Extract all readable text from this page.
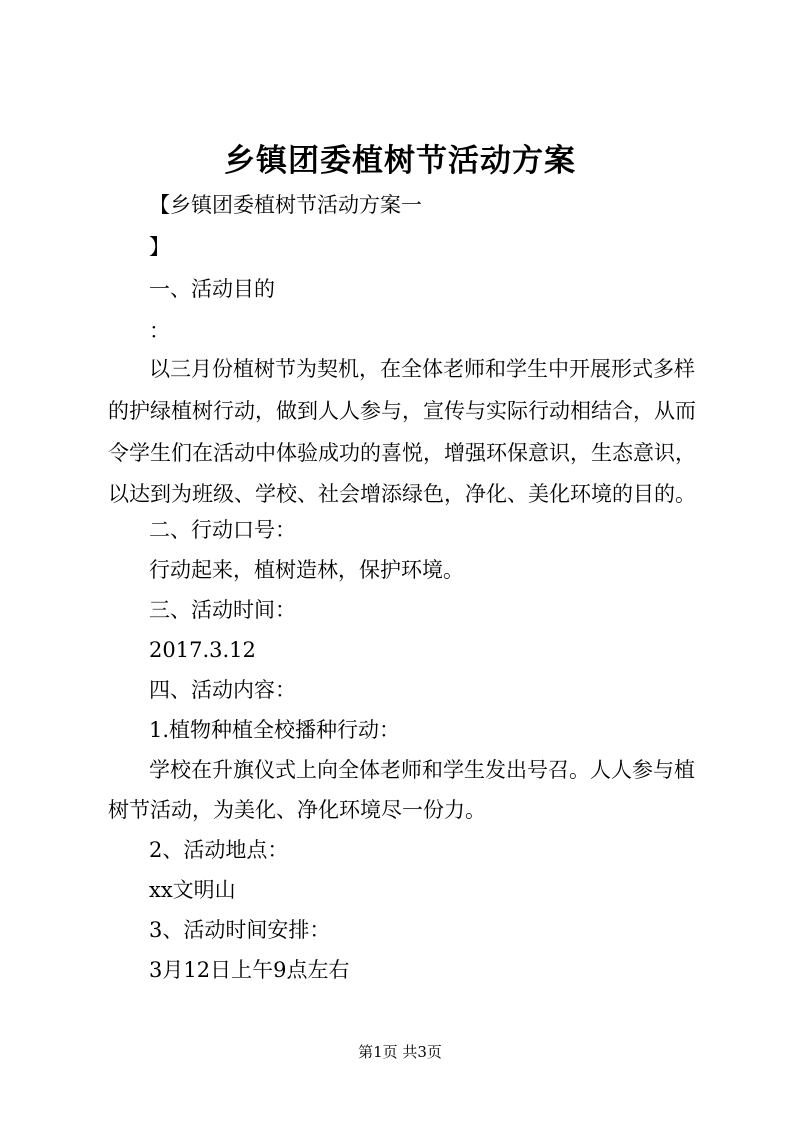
乡镇团委植树节活动方案
【乡镇团委植树节活动方案一
】
一、活动目的
：
以三月份植树节为契机，在全体老师和学生中开展形式多样
的护绿植树行动，做到人人参与，宣传与实际行动相结合，从而
令学生们在活动中体验成功的喜悦，增强环保意识，生态意识，
以达到为班级、学校、社会增添绿色，净化、美化环境的目的。
二、行动口号：
行动起来，植树造林，保护环境。
三、活动时间：
2017.3.12
四、活动内容：
1.植物种植全校播种行动：
学校在升旗仪式上向全体老师和学生发出号召。人人参与植
树节活动，为美化、净化环境尽一份力。
2、活动地点：
xx文明山
3、活动时间安排：
3月12日上午9点左右
第1页 共3页
